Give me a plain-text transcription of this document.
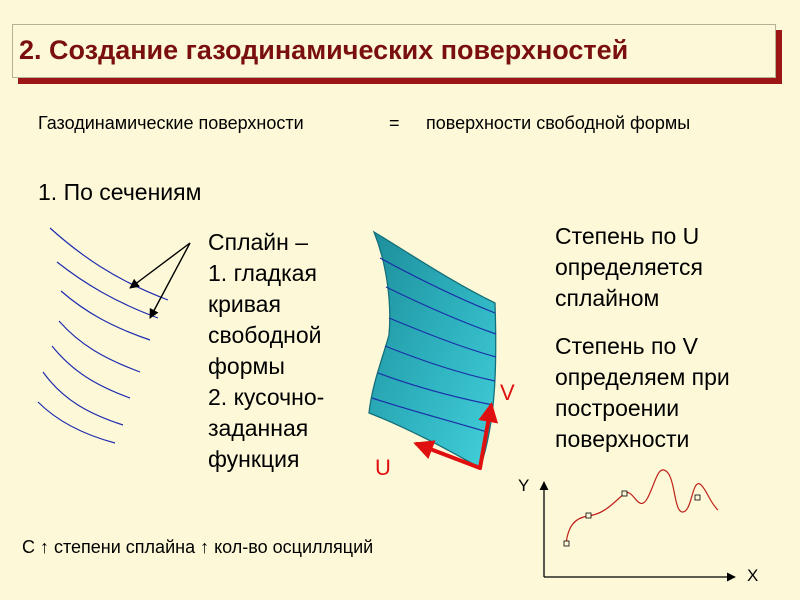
2. Создание газодинамических поверхностей
Газодинамические поверхности	= поверхности свободной формы
1. По сечениям
Сплайн –
1. гладкая
кривая
свободной
формы
2. кусочно-
заданная
функция
Степень по U
определяется
сплайном
Степень по V
определяем при
построении
поверхности
V
U
Y
X
С ↑ степени сплайна ↑ кол-во осцилляций
